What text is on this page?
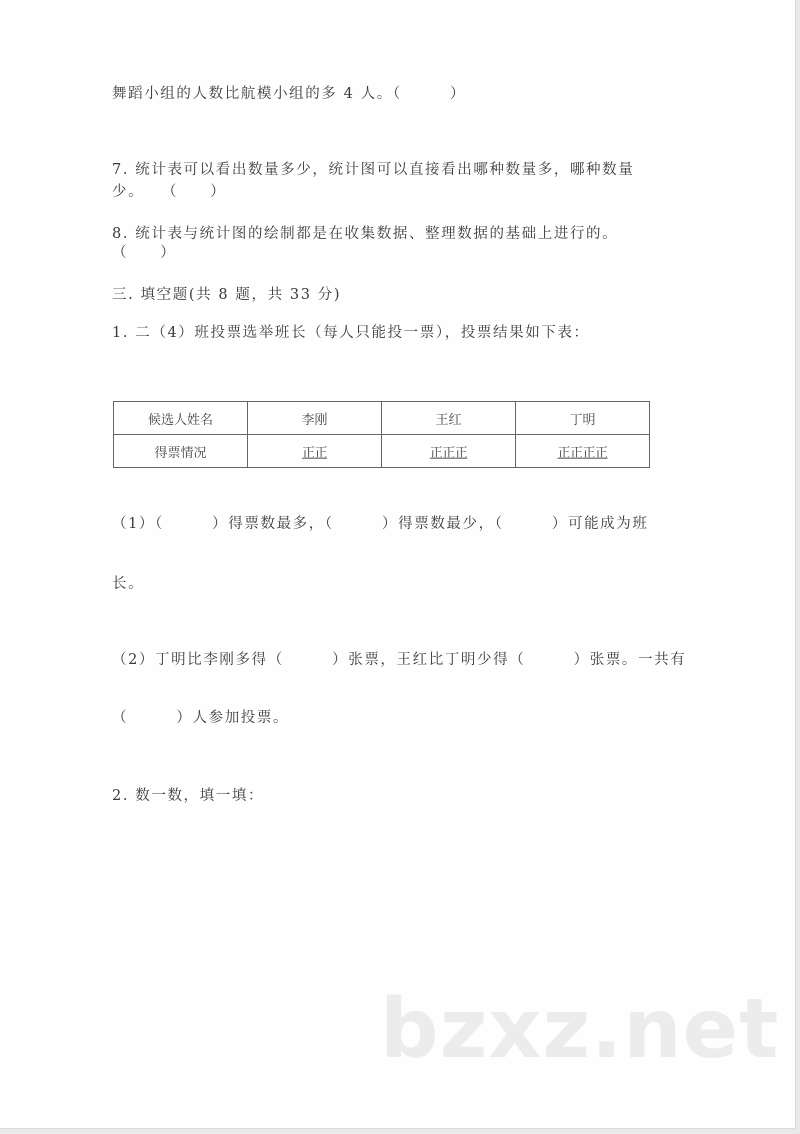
舞蹈小组的人数比航模小组的多 4 人。（　　　）
7. 统计表可以看出数量多少，统计图可以直接看出哪种数量多，哪种数量
少。　　（　　）
8. 统计表与统计图的绘制都是在收集数据、整理数据的基础上进行的。
（　　）
三. 填空题(共 8 题，共 33 分)
1. 二（4）班投票选举班长（每人只能投一票），投票结果如下表：
候选人姓名	李刚	王红	丁明
得票情况	正正	正正正	正正正正
（1）（　　　）得票数最多，（　　　）得票数最少，（　　　）可能成为班
长。
（2）丁明比李刚多得（　　　）张票，王红比丁明少得（　　　）张票。一共有
（　　　）人参加投票。
2. 数一数，填一填：
bzxz.net
